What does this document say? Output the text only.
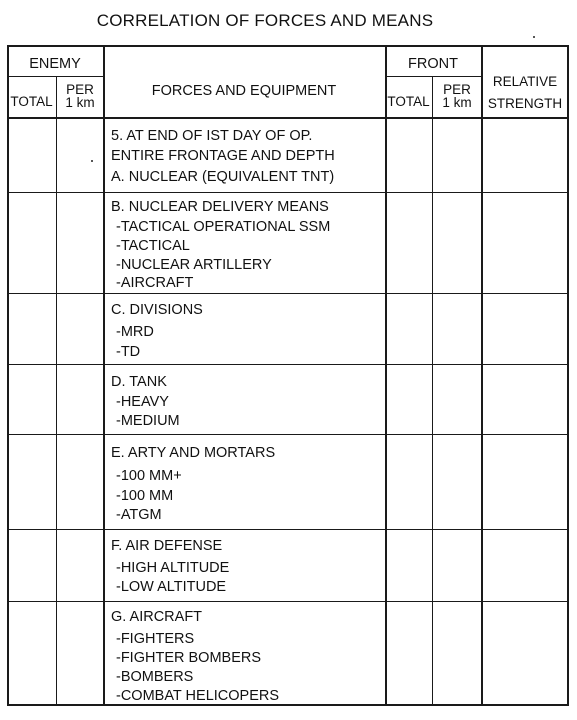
CORRELATION OF FORCES AND MEANS
ENEMY	FRONT
TOTAL
PER
1 km
FORCES AND EQUIPMENT
TOTAL
PER
1 km
RELATIVE
STRENGTH
5. AT END OF IST DAY OF OP.
ENTIRE FRONTAGE AND DEPTH
A. NUCLEAR (EQUIVALENT TNT)
B. NUCLEAR DELIVERY MEANS
-TACTICAL OPERATIONAL SSM
-TACTICAL
-NUCLEAR ARTILLERY
-AIRCRAFT
C. DIVISIONS
-MRD
-TD
D. TANK
-HEAVY
-MEDIUM
E. ARTY AND MORTARS
-100 MM+
-100 MM
-ATGM
F. AIR DEFENSE
-HIGH ALTITUDE
-LOW ALTITUDE
G. AIRCRAFT
-FIGHTERS
-FIGHTER BOMBERS
-BOMBERS
-COMBAT HELICOPERS
